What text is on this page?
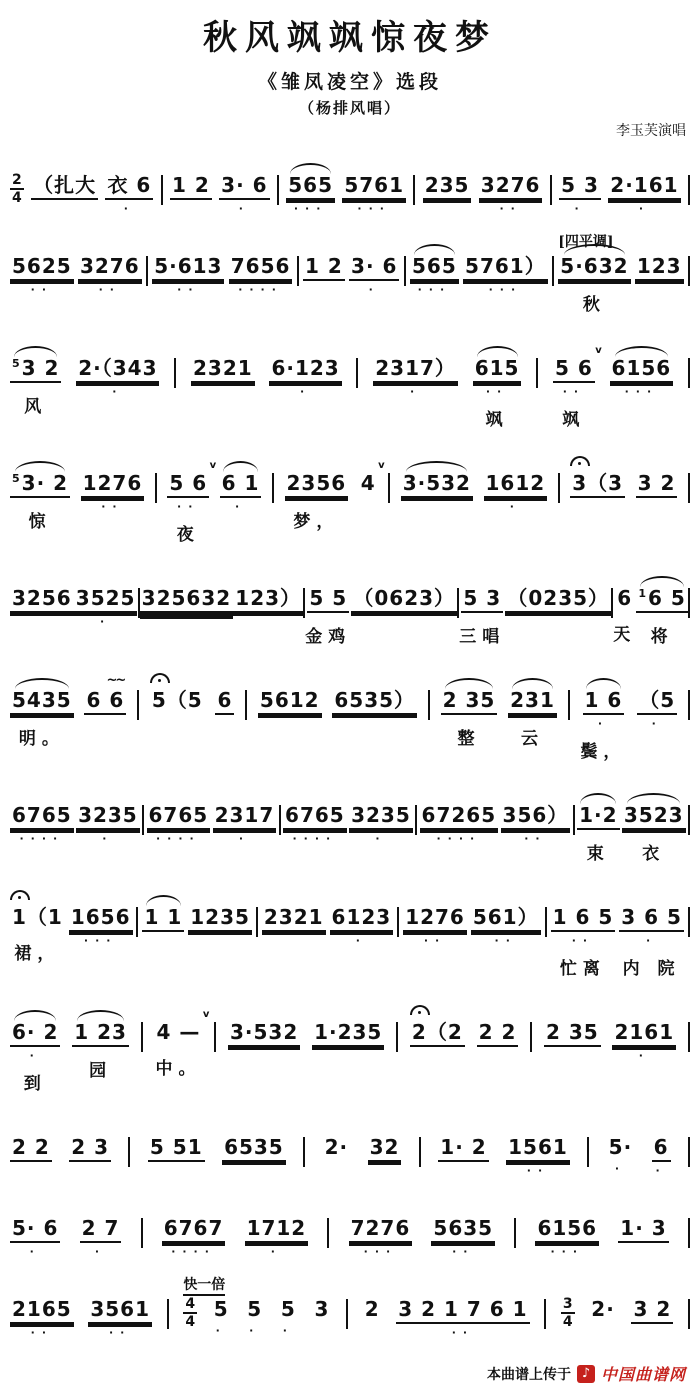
秋风飒飒惊夜梦
《雏凤凌空》选段
（杨排风唱）
李玉芙演唱
2
4
（扎大 衣 6
·
1 2 3· 6
·
565
···
5761
···
235 3276
··
5 3
·
2·161
·
5625
··
3276
··
5·613
··
7656
····
1 2 3· 6
·
565
···
5761）
···
[四平调]
5·632
秋
123
$^5$3 2
风
2·（343
·
2321 6·123
·
2317）
·
615
··
飒
5 6
v
··
飒
6156
···
$^5$3· 2
惊
1276
··
5 6
v
··
夜
6 1
·
2356
梦，
4
v
3·532 1612
·
3（3 3 2
3256 3525
·
325632 123） 5 5
金鸡
（0623） 5 3
三唱
（0235） 6
天
$^1$6 5
将
5435
明。
6 6
~~
5（5 6 5612 6535） 2 35
整
231
云
1 6
·
鬓，
（5
·
6765
····
3235
·
6765
····
2317
·
6765
····
3235
·
67265
····
356）
··
1·2
束
3523
衣
1（1
裙，
1656
···
1 1 1235 2321 6123
·
1276
··
561）
··
1 6 5
··
忙离
3 6 5
·
内 院
6· 2
·
到
1 23
园
4 —
v
中。
3·532 1·235 2（2 2 2 2 35 2161
·
2 2 2 3 5 51 6535 2· 32 1· 2 1561
··
5·
·
6
·
5· 6
·
2 7
·
6767
····
1712
·
7276
···
5635
··
6156
···
1· 3
2165
··
3561
··
快一倍
4
4
5
·
5
·
5
·
3 2 3 2 1 7 6 1
··
3
4
2· 3 2
本曲谱上传于 ♪ 中国曲谱网
